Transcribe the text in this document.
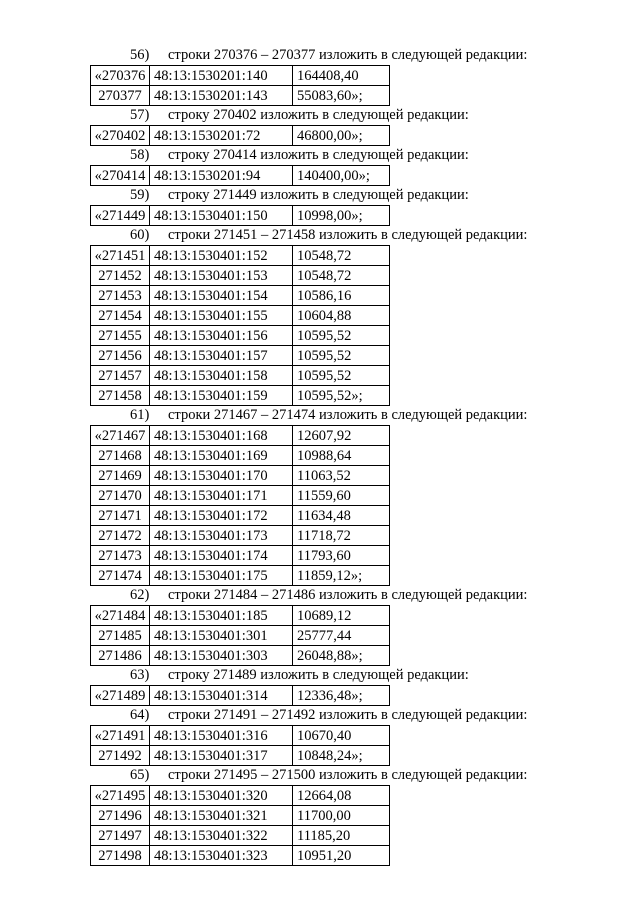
56) строки 270376 – 270377 изложить в следующей редакции:
«270376	48:13:1530201:140	164408,40
270377	48:13:1530201:143	55083,60»;
57) строку 270402 изложить в следующей редакции:
«270402	48:13:1530201:72	46800,00»;
58) строку 270414 изложить в следующей редакции:
«270414	48:13:1530201:94	140400,00»;
59) строку 271449 изложить в следующей редакции:
«271449	48:13:1530401:150	10998,00»;
60) строки 271451 – 271458 изложить в следующей редакции:
«271451	48:13:1530401:152	10548,72
271452	48:13:1530401:153	10548,72
271453	48:13:1530401:154	10586,16
271454	48:13:1530401:155	10604,88
271455	48:13:1530401:156	10595,52
271456	48:13:1530401:157	10595,52
271457	48:13:1530401:158	10595,52
271458	48:13:1530401:159	10595,52»;
61) строки 271467 – 271474 изложить в следующей редакции:
«271467	48:13:1530401:168	12607,92
271468	48:13:1530401:169	10988,64
271469	48:13:1530401:170	11063,52
271470	48:13:1530401:171	11559,60
271471	48:13:1530401:172	11634,48
271472	48:13:1530401:173	11718,72
271473	48:13:1530401:174	11793,60
271474	48:13:1530401:175	11859,12»;
62) строки 271484 – 271486 изложить в следующей редакции:
«271484	48:13:1530401:185	10689,12
271485	48:13:1530401:301	25777,44
271486	48:13:1530401:303	26048,88»;
63) строку 271489 изложить в следующей редакции:
«271489	48:13:1530401:314	12336,48»;
64) строки 271491 – 271492 изложить в следующей редакции:
«271491	48:13:1530401:316	10670,40
271492	48:13:1530401:317	10848,24»;
65) строки 271495 – 271500 изложить в следующей редакции:
«271495	48:13:1530401:320	12664,08
271496	48:13:1530401:321	11700,00
271497	48:13:1530401:322	11185,20
271498	48:13:1530401:323	10951,20
